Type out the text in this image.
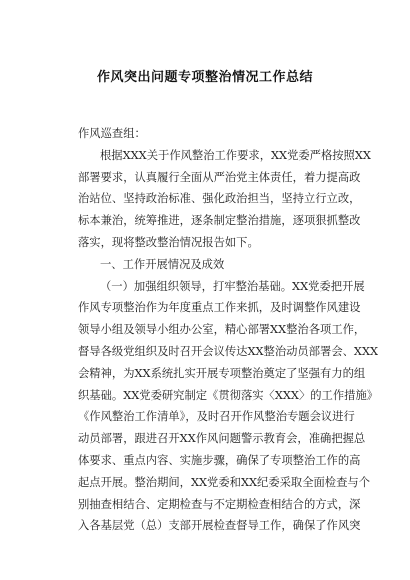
作风突出问题专项整治情况工作总结
作风巡查组：
根据XXX关于作风整治工作要求，XX党委严格按照XX
部署要求，认真履行全面从严治党主体责任，着力提高政
治站位、坚持政治标准、强化政治担当，坚持立行立改，
标本兼治，统筹推进，逐条制定整治措施，逐项狠抓整改
落实，现将整改整治情况报告如下。
一、工作开展情况及成效
（一）加强组织领导，打牢整治基础。XX党委把开展
作风专项整治作为年度重点工作来抓，及时调整作风建设
领导小组及领导小组办公室，精心部署XX整治各项工作，
督导各级党组织及时召开会议传达XX整治动员部署会、XXX
会精神，为XX系统扎实开展专项整治奠定了坚强有力的组
织基础。XX党委研究制定《贯彻落实〈XXX〉的工作措施》
《作风整治工作清单》，及时召开作风整治专题会议进行
动员部署，跟进召开XX作风问题警示教育会，准确把握总
体要求、重点内容、实施步骤，确保了专项整治工作的高
起点开展。整治期间，XX党委和XX纪委采取全面检查与个
别抽查相结合、定期检查与不定期检查相结合的方式，深
入各基层党（总）支部开展检查督导工作，确保了作风突
